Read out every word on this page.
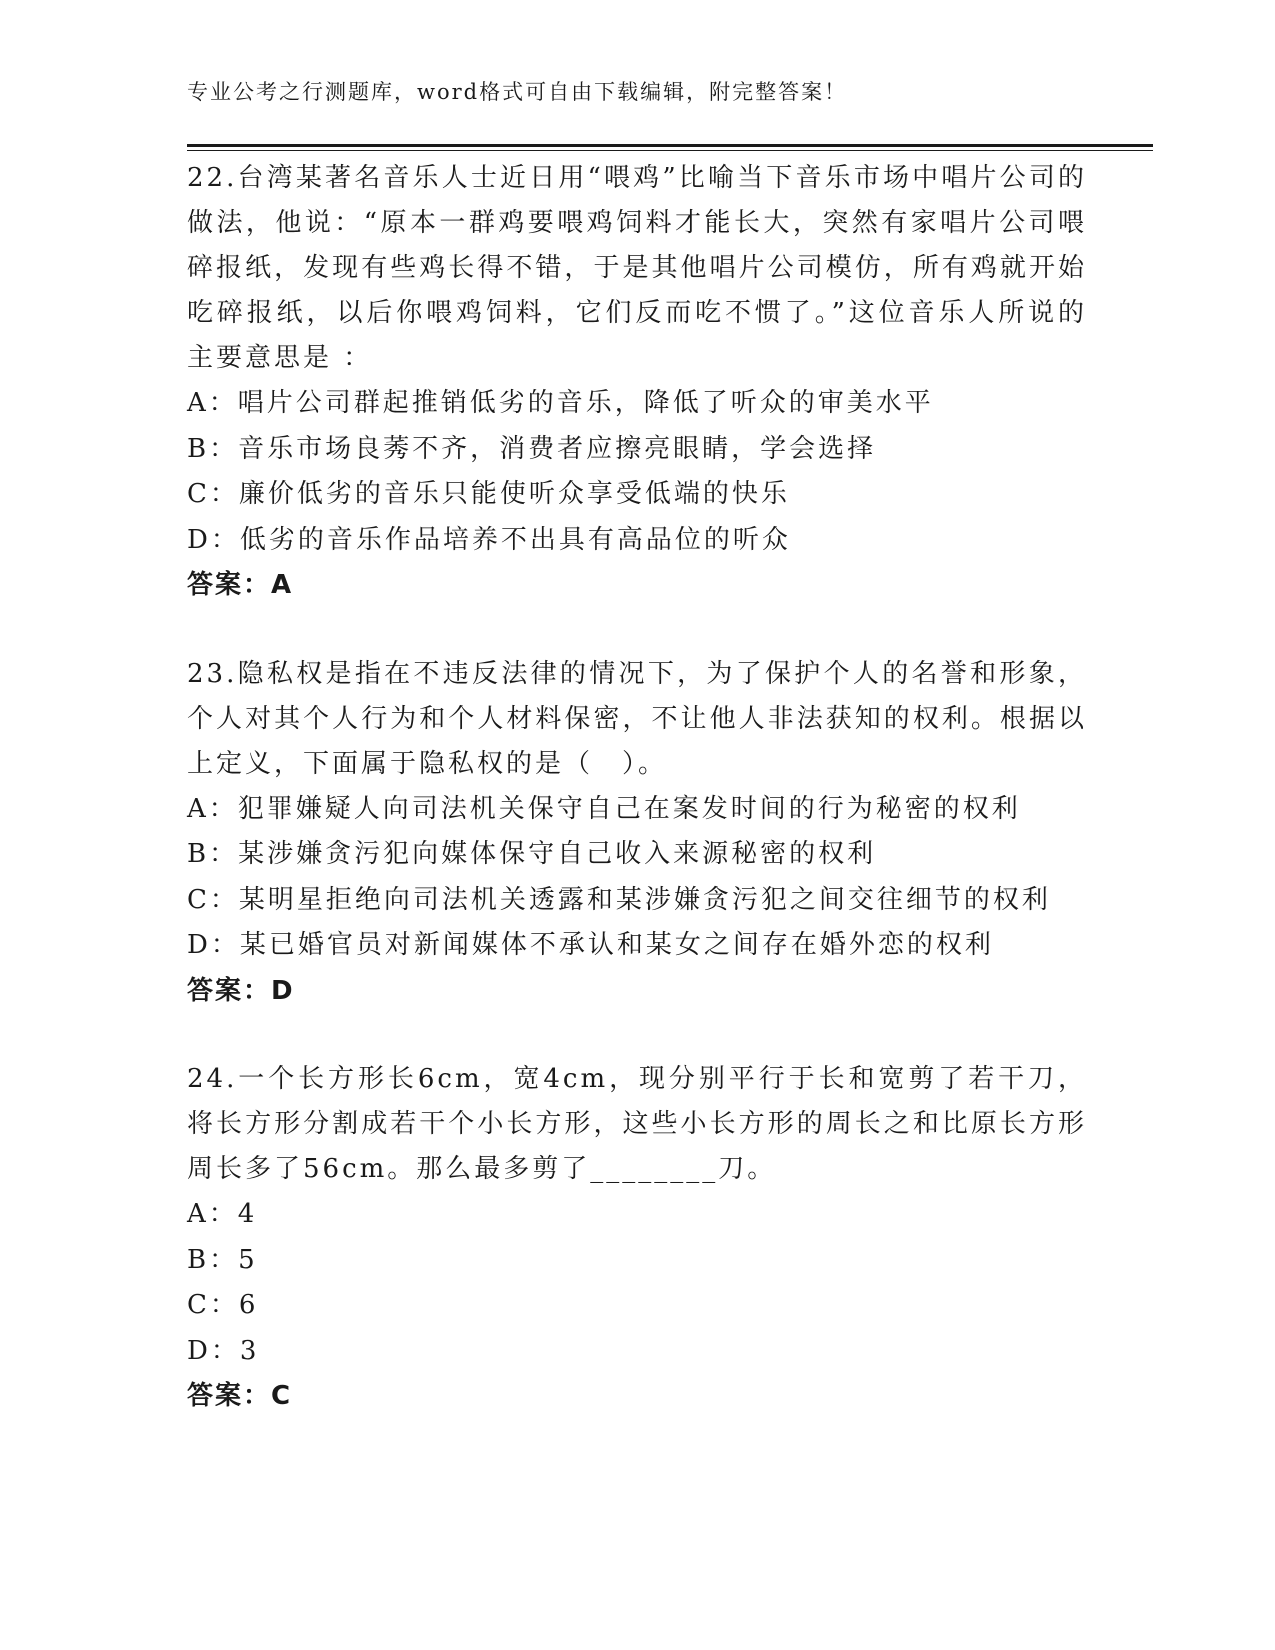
专业公考之行测题库，word格式可自由下载编辑，附完整答案！

22.台湾某著名音乐人士近日用“喂鸡”比喻当下音乐市场中唱片公司的做法，他说：“原本一群鸡要喂鸡饲料才能长大，突然有家唱片公司喂碎报纸，发现有些鸡长得不错，于是其他唱片公司模仿，所有鸡就开始吃碎报纸，以后你喂鸡饲料，它们反而吃不惯了。”这位音乐人所说的主要意思是 ：

A：唱片公司群起推销低劣的音乐，降低了听众的审美水平

B：音乐市场良莠不齐，消费者应擦亮眼睛，学会选择

C：廉价低劣的音乐只能使听众享受低端的快乐

D：低劣的音乐作品培养不出具有高品位的听众

答案：A

23.隐私权是指在不违反法律的情况下，为了保护个人的名誉和形象，个人对其个人行为和个人材料保密，不让他人非法获知的权利。根据以上定义，下面属于隐私权的是（　）。

A：犯罪嫌疑人向司法机关保守自己在案发时间的行为秘密的权利

B：某涉嫌贪污犯向媒体保守自己收入来源秘密的权利

C：某明星拒绝向司法机关透露和某涉嫌贪污犯之间交往细节的权利

D：某已婚官员对新闻媒体不承认和某女之间存在婚外恋的权利

答案：D

24.一个长方形长6cm，宽4cm，现分别平行于长和宽剪了若干刀，将长方形分割成若干个小长方形，这些小长方形的周长之和比原长方形周长多了56cm。那么最多剪了________刀。

A：4

B：5

C：6

D：3

答案：C
